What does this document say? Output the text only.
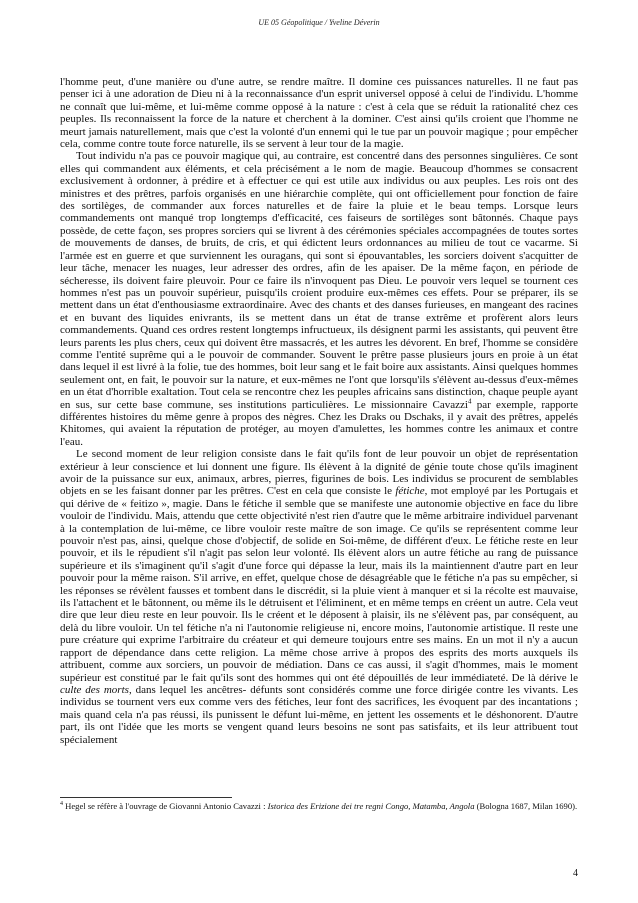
UE 05 Géopolitique / Yveline Déverin

l'homme peut, d'une manière ou d'une autre, se rendre maître. Il domine ces puissances naturelles. Il ne faut pas penser ici à une adoration de Dieu ni à la reconnaissance d'un esprit universel opposé à celui de l'individu. L'homme ne connaît que lui-même, et lui-même comme opposé à la nature : c'est à cela que se réduit la rationalité chez ces peuples. Ils reconnaissent la force de la nature et cherchent à la dominer. C'est ainsi qu'ils croient que l'homme ne meurt jamais naturellement, mais que c'est la volonté d'un ennemi qui le tue par un pouvoir magique ; pour empêcher cela, comme contre toute force naturelle, ils se servent à leur tour de la magie.

Tout individu n'a pas ce pouvoir magique qui, au contraire, est concentré dans des personnes singulières. Ce sont elles qui commandent aux éléments, et cela précisément a le nom de magie. Beaucoup d'hommes se consacrent exclusivement à ordonner, à prédire et à effectuer ce qui est utile aux individus ou aux peuples. Les rois ont des ministres et des prêtres, parfois organisés en une hiérarchie complète, qui ont officiellement pour fonction de faire des sortilèges, de commander aux forces naturelles et de faire la pluie et le beau temps. Lorsque leurs commandements ont manqué trop longtemps d'efficacité, ces faiseurs de sortilèges sont bâtonnés. Chaque pays possède, de cette façon, ses propres sorciers qui se livrent à des cérémonies spéciales accompagnées de toutes sortes de mouvements de danses, de bruits, de cris, et qui édictent leurs ordonnances au milieu de tout ce vacarme. Si l'armée est en guerre et que surviennent les ouragans, qui sont si épouvantables, les sorciers doivent s'acquitter de leur tâche, menacer les nuages, leur adresser des ordres, afin de les apaiser. De la même façon, en période de sécheresse, ils doivent faire pleuvoir. Pour ce faire ils n'invoquent pas Dieu. Le pouvoir vers lequel se tournent ces hommes n'est pas un pouvoir supérieur, puisqu'ils croient produire eux-mêmes ces effets. Pour se préparer, ils se mettent dans un état d'enthousiasme extraordinaire. Avec des chants et des danses furieuses, en mangeant des racines et en buvant des liquides enivrants, ils se mettent dans un état de transe extrême et profèrent alors leurs commandements. Quand ces ordres restent longtemps infructueux, ils désignent parmi les assistants, qui peuvent être leurs parents les plus chers, ceux qui doivent être massacrés, et les autres les dévorent. En bref, l'homme se considère comme l'entité suprême qui a le pouvoir de commander. Souvent le prêtre passe plusieurs jours en proie à un état dans lequel il est livré à la folie, tue des hommes, boit leur sang et le fait boire aux assistants. Ainsi quelques hommes seulement ont, en fait, le pouvoir sur la nature, et eux-mêmes ne l'ont que lorsqu'ils s'élèvent au-dessus d'eux-mêmes en un état d'horrible exaltation. Tout cela se rencontre chez les peuples africains sans distinction, chaque peuple ayant en sus, sur cette base commune, ses institutions particulières. Le missionnaire Cavazzi$^4$ par exemple, rapporte différentes histoires du même genre à propos des nègres. Chez les Draks ou Dschaks, il y avait des prêtres, appelés Khitomes, qui avaient la réputation de protéger, au moyen d'amulettes, les hommes contre les animaux et contre l'eau.

Le second moment de leur religion consiste dans le fait qu'ils font de leur pouvoir un objet de représentation extérieur à leur conscience et lui donnent une figure. Ils élèvent à la dignité de génie toute chose qu'ils imaginent avoir de la puissance sur eux, animaux, arbres, pierres, figurines de bois. Les individus se procurent de semblables objets en se les faisant donner par les prêtres. C'est en cela que consiste le fétiche, mot employé par les Portugais et qui dérive de « feitizo », magie. Dans le fétiche il semble que se manifeste une autonomie objective en face du libre vouloir de l'individu. Mais, attendu que cette objectivité n'est rien d'autre que le même arbitraire individuel parvenant à la contemplation de lui-même, ce libre vouloir reste maître de son image. Ce qu'ils se représentent comme leur pouvoir n'est pas, ainsi, quelque chose d'objectif, de solide en Soi-même, de différent d'eux. Le fétiche reste en leur pouvoir, et ils le répudient s'il n'agit pas selon leur volonté. Ils élèvent alors un autre fétiche au rang de puissance supérieure et ils s'imaginent qu'il s'agit d'une force qui dépasse la leur, mais ils la maintiennent d'autre part en leur pouvoir pour la même raison. S'il arrive, en effet, quelque chose de désagréable que le fétiche n'a pas su empêcher, si les réponses se révèlent fausses et tombent dans le discrédit, si la pluie vient à manquer et si la récolte est mauvaise, ils l'attachent et le bâtonnent, ou même ils le détruisent et l'éliminent, et en même temps en créent un autre. Cela veut dire que leur dieu reste en leur pouvoir. Ils le créent et le déposent à plaisir, ils ne s'élèvent pas, par conséquent, au delà du libre vouloir. Un tel fétiche n'a ni l'autonomie religieuse ni, encore moins, l'autonomie artistique. Il reste une pure créature qui exprime l'arbitraire du créateur et qui demeure toujours entre ses mains. En un mot il n'y a aucun rapport de dépendance dans cette religion. La même chose arrive à propos des esprits des morts auxquels ils attribuent, comme aux sorciers, un pouvoir de médiation. Dans ce cas aussi, il s'agit d'hommes, mais le moment supérieur est constitué par le fait qu'ils sont des hommes qui ont été dépouillés de leur immédiateté. De là dérive le culte des morts, dans lequel les ancêtres- défunts sont considérés comme une force dirigée contre les vivants. Les individus se tournent vers eux comme vers des fétiches, leur font des sacrifices, les évoquent par des incantations ; mais quand cela n'a pas réussi, ils punissent le défunt lui-même, en jettent les ossements et le déshonorent. D'autre part, ils ont l'idée que les morts se vengent quand leurs besoins ne sont pas satisfaits, et ils leur attribuent tout spécialement

$^4$ Hegel se réfère à l'ouvrage de Giovanni Antonio Cavazzi : Istorica des Erizione dei tre regni Congo, Matamba, Angola (Bologna 1687, Milan 1690).
4
